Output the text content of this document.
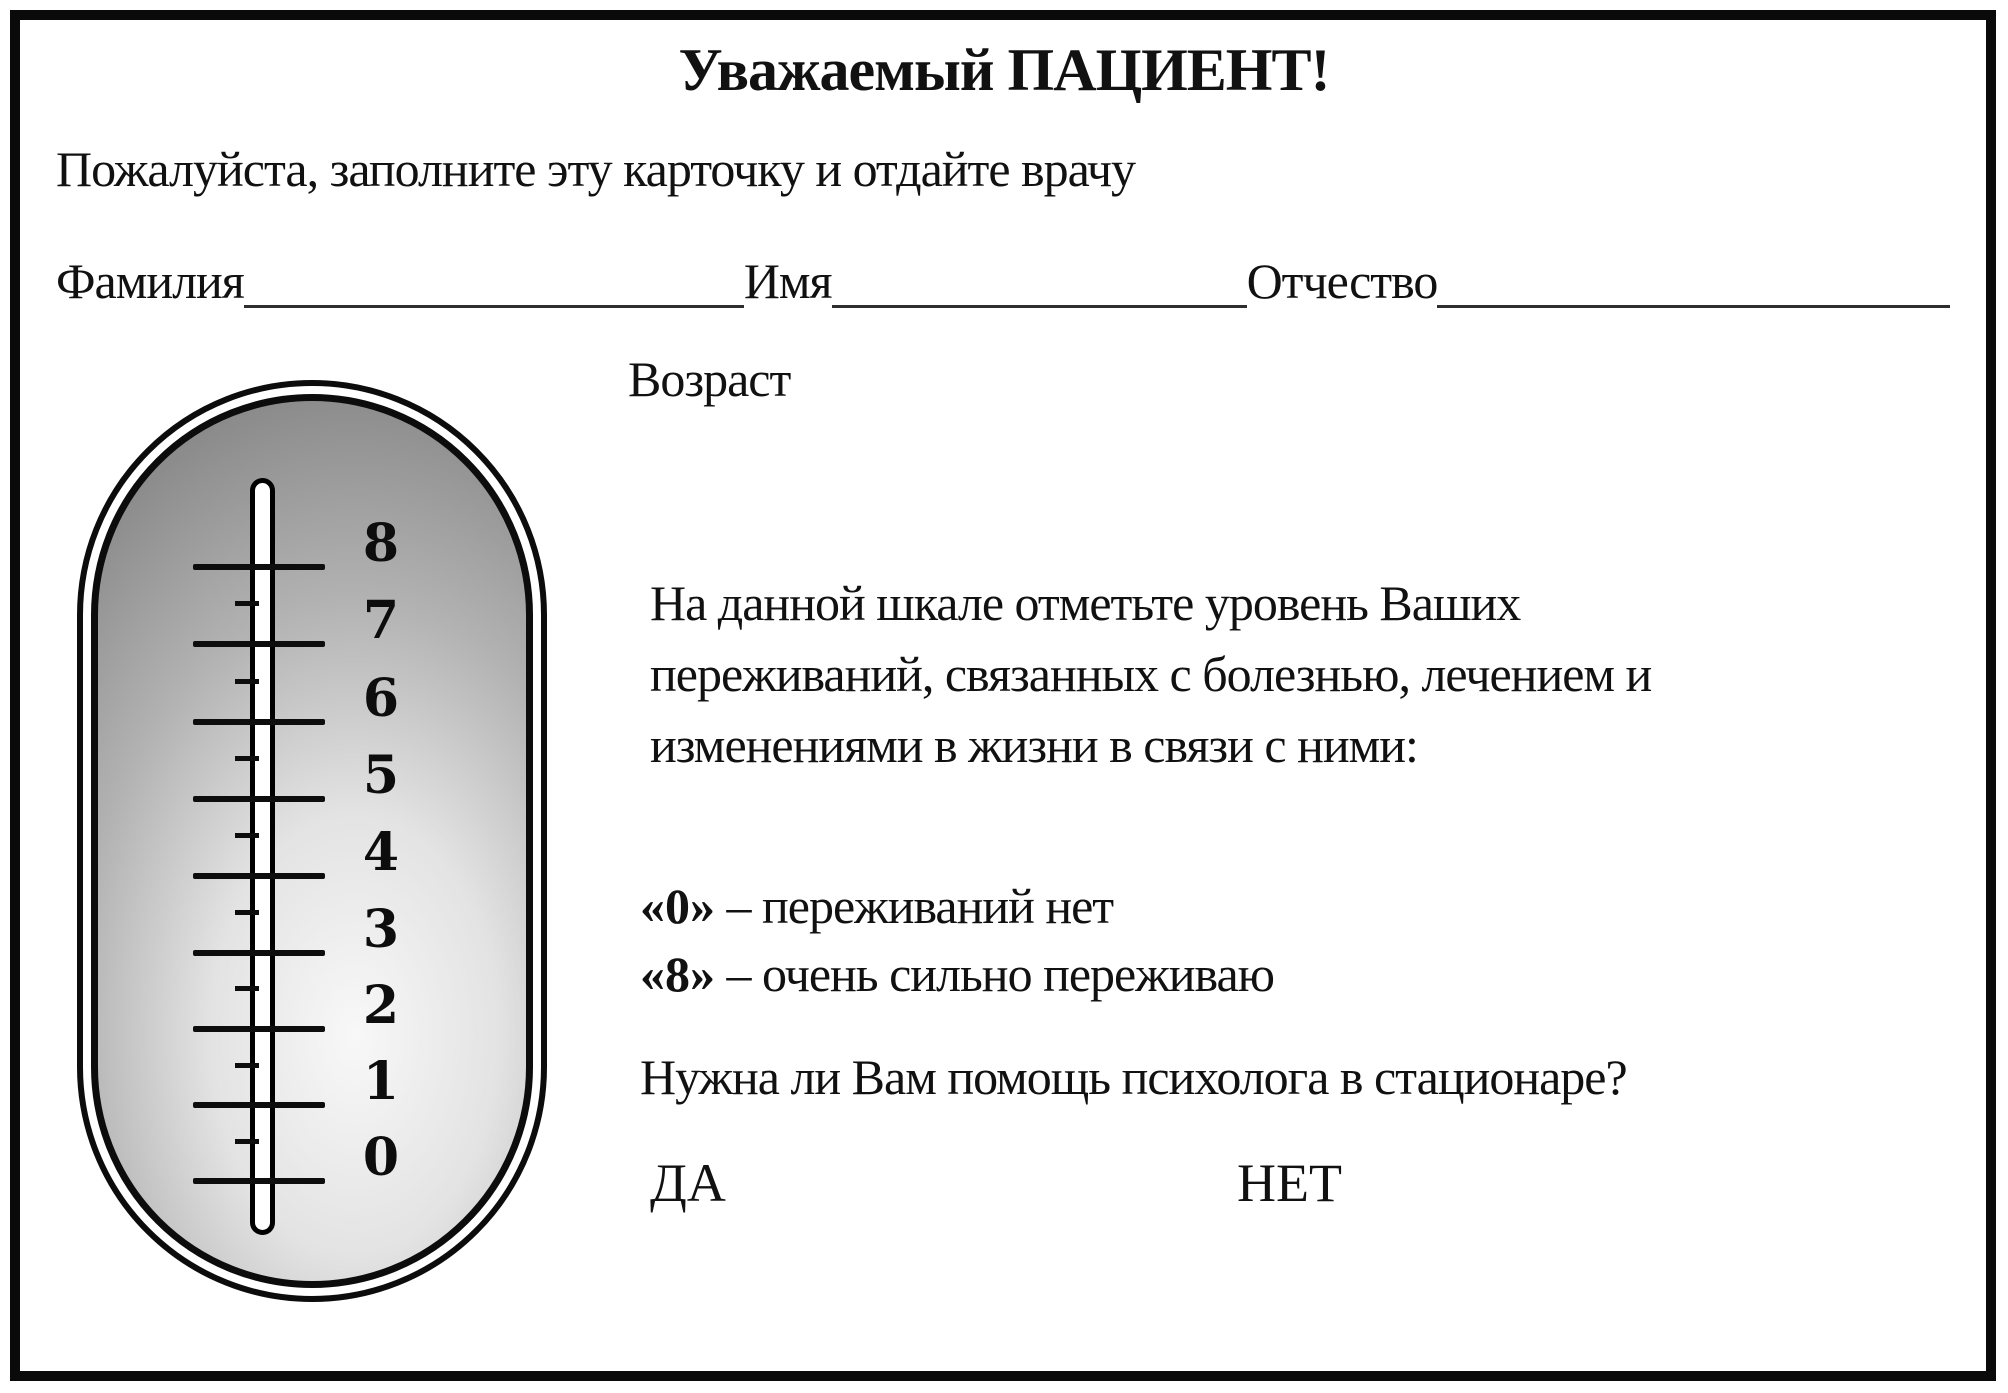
Уважаемый ПАЦИЕНТ!
Пожалуйста, заполните эту карточку и отдайте врачу
Фамилия	Имя	Отчество
Возраст
8
7
6
5
4
3
2
1
0
На данной шкале отметьте уровень Ваших
переживаний, связанных с болезнью, лечением и
изменениями в жизни в связи с ними:
«0» – переживаний нет
«8» – очень сильно переживаю
Нужна ли Вам помощь психолога в стационаре?
ДА	НЕТ
